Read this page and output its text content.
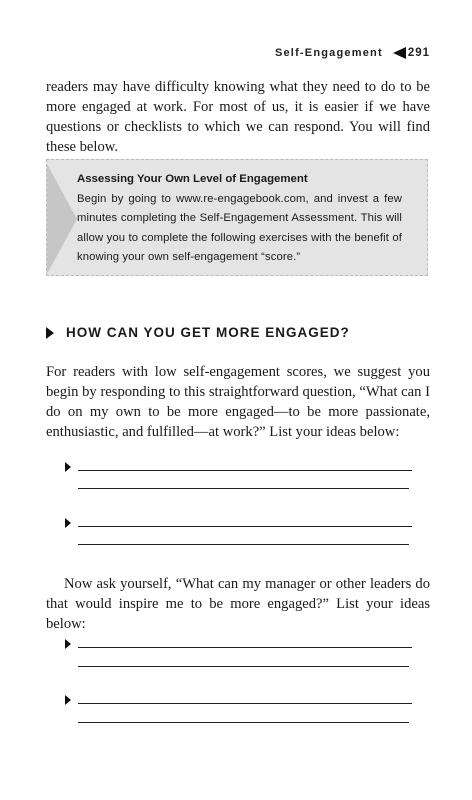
Self-Engagement 291
readers may have difficulty knowing what they need to do to be more engaged at work. For most of us, it is easier if we have questions or checklists to which we can respond. You will find these below.
Assessing Your Own Level of Engagement
Begin by going to www.re-engagebook.com, and invest a few minutes completing the Self-Engagement Assessment. This will allow you to complete the following exercises with the benefit of knowing your own self-engagement “score.”
HOW CAN YOU GET MORE ENGAGED?
For readers with low self-engagement scores, we suggest you begin by responding to this straightforward question, “What can I do on my own to be more engaged—to be more passionate, enthusiastic, and fulfilled—at work?” List your ideas below:
Now ask yourself, “What can my manager or other leaders do that would inspire me to be more engaged?” List your ideas below:
